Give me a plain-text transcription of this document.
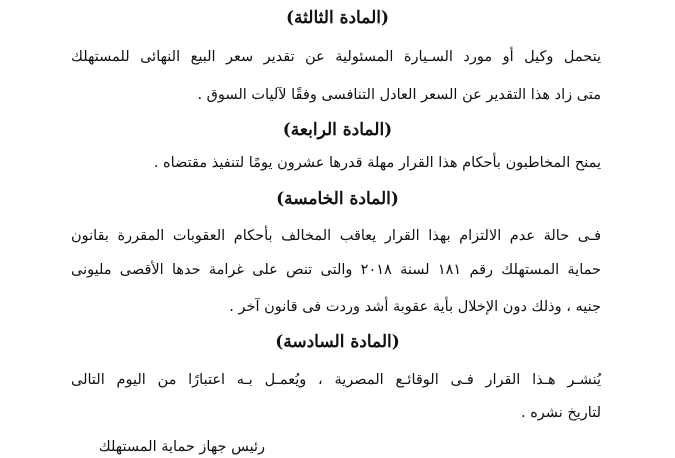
(المادة الثالثة)
يتحمل وكيل أو مورد السـيارة المسئولية عن تقدير سعر البيع النهائى للمستهلك
متى زاد هذا التقدير عن السعر العادل التنافسى وفقًا لآليات السوق .
(المادة الرابعة)
يمنح المخاطبون بأحكام هذا القرار مهلة قدرها عشرون يومًا لتنفيذ مقتضاه .
(المادة الخامسة)
فـى حالة عدم الالتزام بهذا القرار يعاقب المخالف بأحكام العقوبات المقررة بقانون
حماية المستهلك رقم ١٨١ لسنة ٢٠١٨ والتى تنص على غرامة حدها الأقصى مليونى
جنيه ، وذلك دون الإخلال بأية عقوبة أشد وردت فى قانون آخر .
(المادة السادسة)
يُنشـر هـذا القرار فـى الوقائـع المصرية ، ويُعمـل بـه اعتبارًا من اليوم التالى
لتاريخ نشره .
رئيس جهاز حماية المستهلك
